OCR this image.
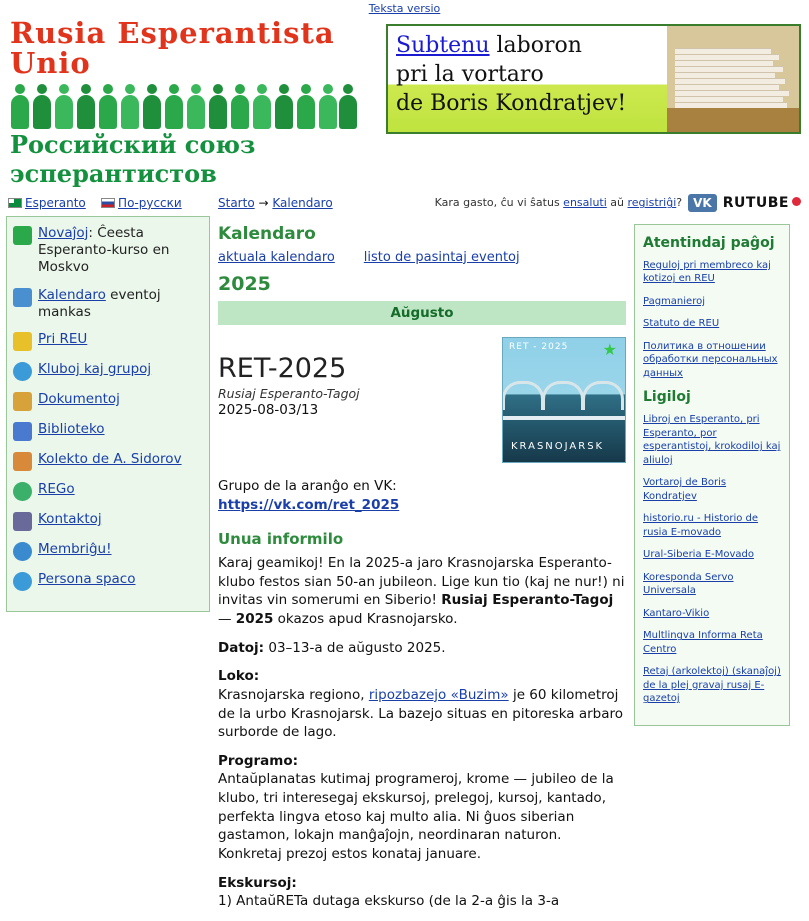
Teksta versio
Rusia Esperantista Unio
Российский союз эсперантистов
Subtenu laboron
pri la vortaro
de Boris Kondratjev!
Esperanto	По-русски	Starto → Kalendaro	Kara gasto, ĉu vi ŝatus ensaluti aŭ registriĝi? VK RUTUBE
Novaĵoj: Ĉeesta Esperanto-kurso en Moskvo
Kalendaro eventoj mankas
Pri REU
Kluboj kaj grupoj
Dokumentoj
Biblioteko
Kolekto de A. Sidorov
REGo
Kontaktoj
Membriĝu!
Persona spaco
Kalendaro
aktuala kalendaro listo de pasintaj eventoj
2025
Aŭgusto
RET-2025
Rusiaj Esperanto-Tagoj
2025-08-03/13
RET - 2025 ★
KRASNOJARSK
Grupo de la aranĝo en VK:
https://vk.com/ret_2025
Unua informilo
Karaj geamikoj! En la 2025-a jaro Krasnojarska Esperanto-klubo festos sian 50-an jubileon. Lige kun tio (kaj ne nur!) ni invitas vin somerumi en Siberio! Rusiaj Esperanto-Tagoj — 2025 okazos apud Krasnojarsko.
Datoj: 03–13-a de aŭgusto 2025.
Loko:
Krasnojarska regiono, ripozbazejo «Buzim» je 60 kilometroj de la urbo Krasnojarsk. La bazejo situas en pitoreska arbaro surborde de lago.
Programo:
Antaŭplanatas kutimaj programeroj, krome — jubileo de la klubo, tri interesegaj ekskursoj, prelegoj, kursoj, kantado, perfekta lingva etoso kaj multo alia. Ni ĝuos siberian gastamon, lokajn manĝaĵojn, neordinaran naturon. Konkretaj prezoj estos konataj januare.
Ekskursoj:
1) AntaŭRETa dutaga ekskurso (de la 2-a ĝis la 3-a
Atentindaj paĝoj
Reguloj pri membreco kaj kotizoj en REU
Pagmanieroj
Statuto de REU
Политика в отношении обработки персональных данных
Ligiloj
Libroj en Esperanto, pri Esperanto, por esperantistoj, krokodiloj kaj aliuloj
Vortaroj de Boris Kondratjev
historio.ru - Historio de rusia E-movado
Ural-Siberia E-Movado
Koresponda Servo Universala
Kantaro-Vikio
Multlingva Informa Reta Centro
Retaj (arkolektoj) (skanaĵoj) de la plej gravaj rusaj E-gazetoj
